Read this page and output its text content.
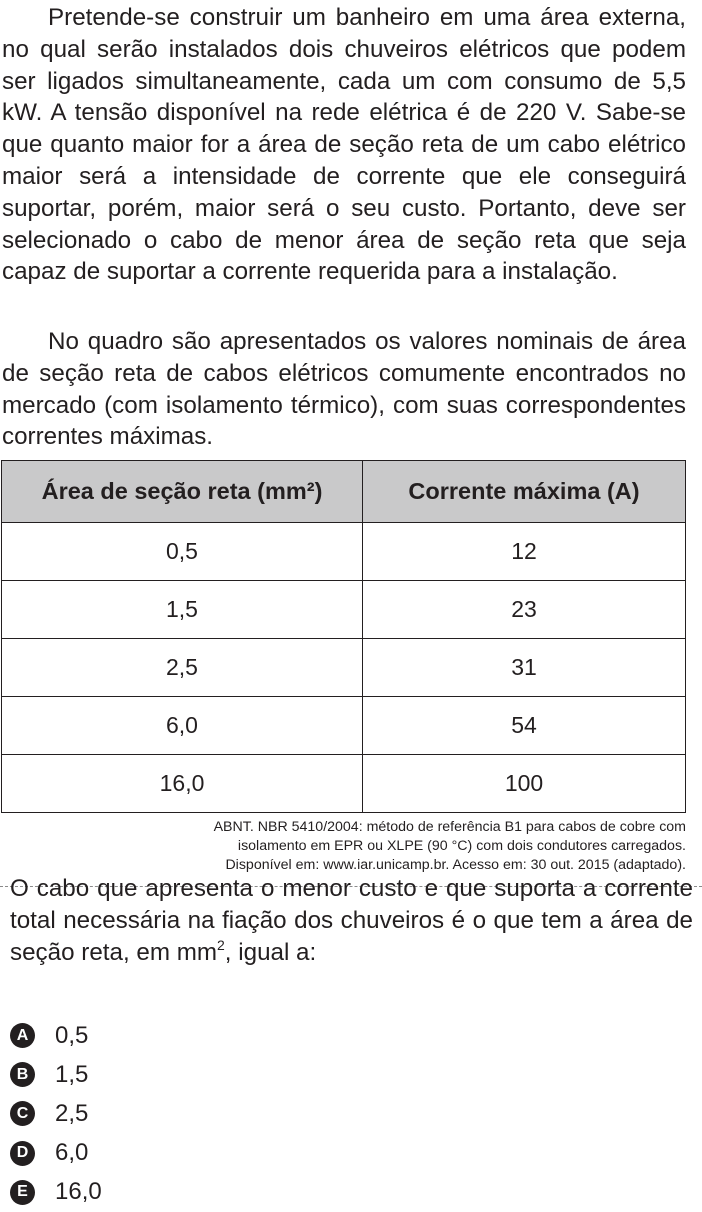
Pretende-se construir um banheiro em uma área externa, no qual serão instalados dois chuveiros elétricos que podem ser ligados simultaneamente, cada um com consumo de 5,5 kW. A tensão disponível na rede elétrica é de 220 V. Sabe-se que quanto maior for a área de seção reta de um cabo elétrico maior será a intensidade de corrente que ele conseguirá suportar, porém, maior será o seu custo. Portanto, deve ser selecionado o cabo de menor área de seção reta que seja capaz de suportar a corrente requerida para a instalação.

No quadro são apresentados os valores nominais de área de seção reta de cabos elétricos comumente encontrados no mercado (com isolamento térmico), com suas correspondentes correntes máximas.

Área de seção reta (mm²)	Corrente máxima (A)
0,5	12
1,5	23
2,5	31
6,0	54
16,0	100

ABNT. NBR 5410/2004: método de referência B1 para cabos de cobre com
isolamento em EPR ou XLPE (90 °C) com dois condutores carregados.
Disponível em: www.iar.unicamp.br. Acesso em: 30 out. 2015 (adaptado).

O cabo que apresenta o menor custo e que suporta a corrente total necessária na fiação dos chuveiros é o que tem a área de seção reta, em $mm^2$, igual a:

A 0,5
B 1,5
C 2,5
D 6,0
E 16,0
